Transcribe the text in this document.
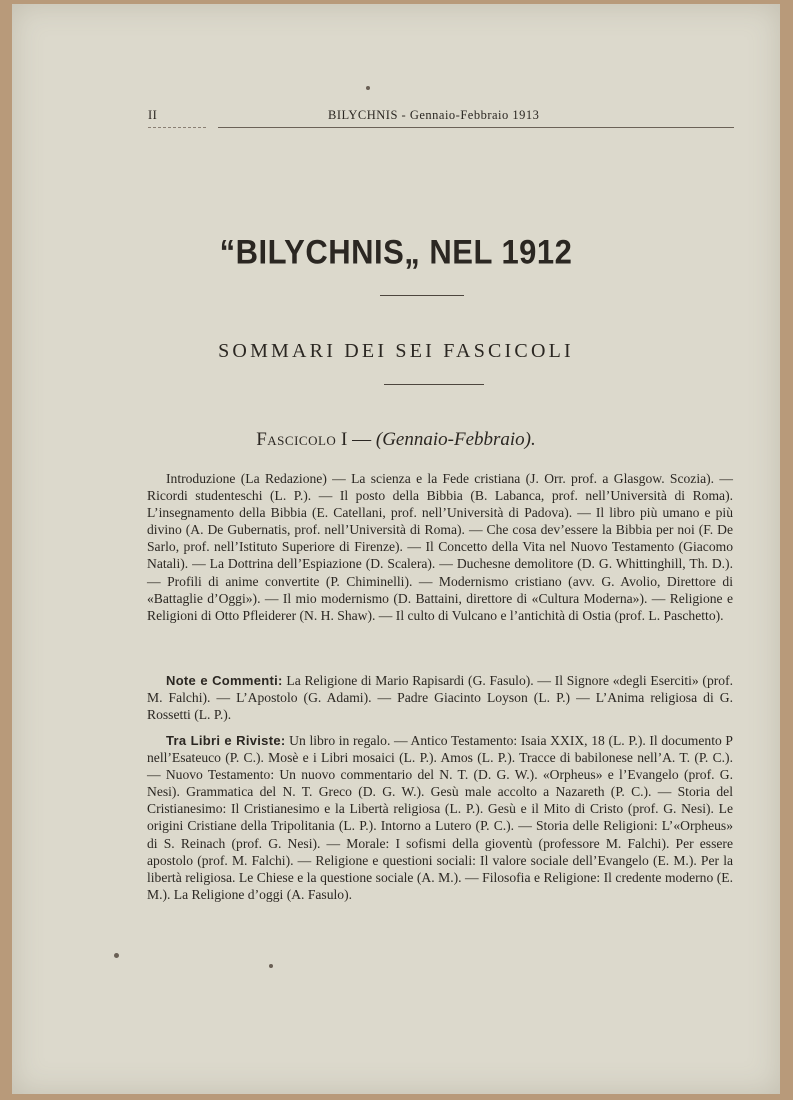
II	BILYCHNIS - Gennaio-Febbraio 1913
“BILYCHNIS„ NEL 1912
SOMMARI DEI SEI FASCICOLI
Fascicolo I — (Gennaio-Febbraio).

Introduzione (La Redazione) — La scienza e la Fede cristiana (J. Orr. prof. a Glasgow. Scozia). — Ricordi studenteschi (L. P.). — Il posto della Bibbia (B. Labanca, prof. nell’Università di Roma). L’insegnamento della Bibbia (E. Catellani, prof. nell’Università di Padova). — Il libro più umano e più divino (A. De Gubernatis, prof. nell’Università di Roma). — Che cosa dev’essere la Bibbia per noi (F. De Sarlo, prof. nell’Istituto Superiore di Firenze). — Il Concetto della Vita nel Nuovo Testamento (Giacomo Natali). — La Dottrina dell’Espiazione (D. Scalera). — Duchesne demolitore (D. G. Whittinghill, Th. D.). — Profili di anime convertite (P. Chiminelli). — Modernismo cristiano (avv. G. Avolio, Direttore di «Battaglie d’Oggi»). — Il mio modernismo (D. Battaini, direttore di «Cultura Moderna»). — Religione e Religioni di Otto Pfleiderer (N. H. Shaw). — Il culto di Vulcano e l’antichità di Ostia (prof. L. Paschetto).

Note e Commenti: La Religione di Mario Rapisardi (G. Fasulo). — Il Signore «degli Eserciti» (prof. M. Falchi). — L’Apostolo (G. Adami). — Padre Giacinto Loyson (L. P.) — L’Anima religiosa di G. Rossetti (L. P.).

Tra Libri e Riviste: Un libro in regalo. — Antico Testamento: Isaia XXIX, 18 (L. P.). Il documento P nell’Esateuco (P. C.). Mosè e i Libri mosaici (L. P.). Amos (L. P.). Tracce di babilonese nell’A. T. (P. C.). — Nuovo Testamento: Un nuovo commentario del N. T. (D. G. W.). «Orpheus» e l’Evangelo (prof. G. Nesi). Grammatica del N. T. Greco (D. G. W.). Gesù male accolto a Nazareth (P. C.). — Storia del Cristianesimo: Il Cristianesimo e la Libertà religiosa (L. P.). Gesù e il Mito di Cristo (prof. G. Nesi). Le origini Cristiane della Tripolitania (L. P.). Intorno a Lutero (P. C.). — Storia delle Religioni: L’«Orpheus» di S. Reinach (prof. G. Nesi). — Morale: I sofismi della gioventù (professore M. Falchi). Per essere apostolo (prof. M. Falchi). — Religione e questioni sociali: Il valore sociale dell’Evangelo (E. M.). Per la libertà religiosa. Le Chiese e la questione sociale (A. M.). — Filosofia e Religione: Il credente moderno (E. M.). La Religione d’oggi (A. Fasulo).
